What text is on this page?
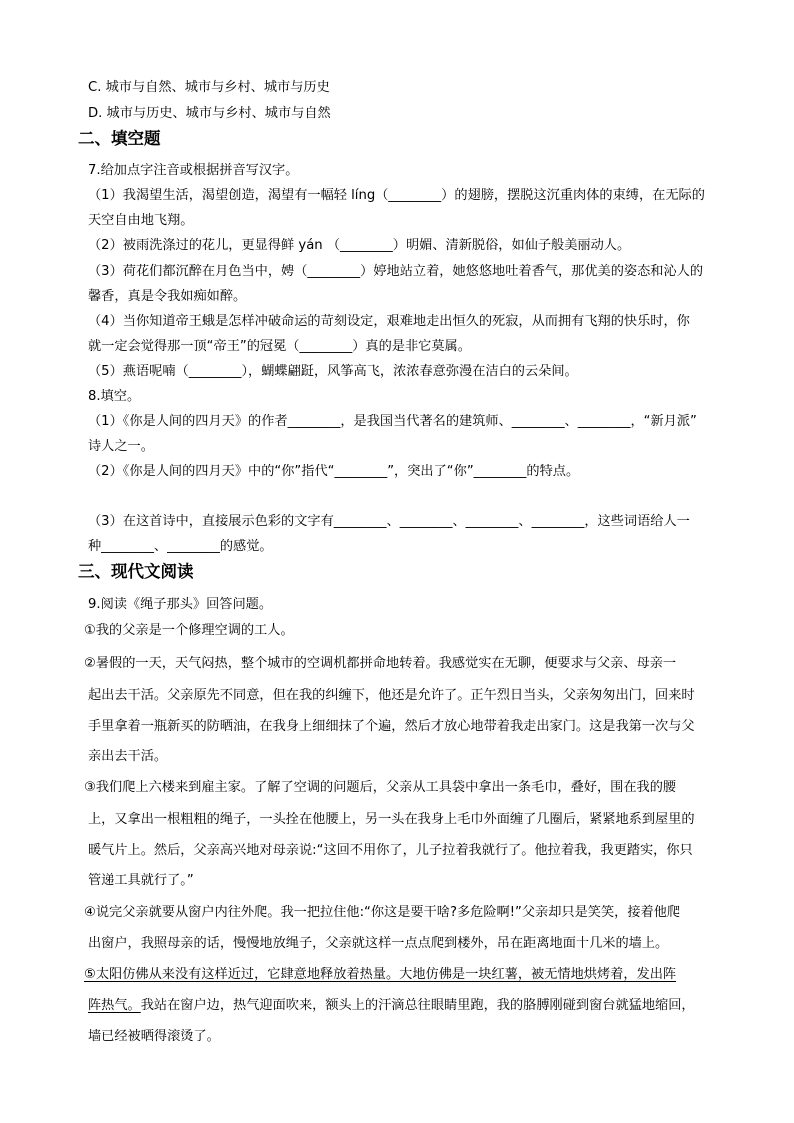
C. 城市与自然、城市与乡村、城市与历史
D. 城市与历史、城市与乡村、城市与自然
二、填空题
7.给加点字注音或根据拼音写汉字。
（1）我渴望生活，渴望创造，渴望有一幅轻 líng（________）的翅膀，摆脱这沉重肉体的束缚，在无际的
天空自由地飞翔。
（2）被雨洗涤过的花儿，更显得鲜 yán （________）明媚、清新脱俗，如仙子般美丽动人。
（3）荷花们都沉醉在月色当中，娉（________）婷地站立着，她悠悠地吐着香气，那优美的姿态和沁人的
馨香，真是令我如痴如醉。
（4）当你知道帝王蛾是怎样冲破命运的苛刻设定，艰难地走出恒久的死寂，从而拥有飞翔的快乐时，你
就一定会觉得那一顶“帝王”的冠冕（________）真的是非它莫属。
（5）燕语呢喃（________），蝴蝶翩跹，风筝高飞，浓浓春意弥漫在洁白的云朵间。
8.填空。
（1）《你是人间的四月天》的作者________，是我国当代著名的建筑师、________、________，“新月派”
诗人之一。
（2）《你是人间的四月天》中的“你”指代“________”，突出了“你”________的特点。
（3）在这首诗中，直接展示色彩的文字有________、________、________、________，这些词语给人一
种________、________的感觉。
三、现代文阅读
9.阅读《绳子那头》回答问题。
①我的父亲是一个修理空调的工人。
②暑假的一天，天气闷热，整个城市的空调机都拼命地转着。我感觉实在无聊，便要求与父亲、母亲一
起出去干活。父亲原先不同意，但在我的纠缠下，他还是允许了。正午烈日当头，父亲匆匆出门，回来时
手里拿着一瓶新买的防晒油，在我身上细细抹了个遍，然后才放心地带着我走出家门。这是我第一次与父
亲出去干活。
③我们爬上六楼来到雇主家。了解了空调的问题后，父亲从工具袋中拿出一条毛巾，叠好，围在我的腰
上，又拿出一根粗粗的绳子，一头拴在他腰上，另一头在我身上毛巾外面缠了几圈后，紧紧地系到屋里的
暖气片上。然后，父亲高兴地对母亲说:“这回不用你了，儿子拉着我就行了。他拉着我，我更踏实，你只
管递工具就行了。”
④说完父亲就要从窗户内往外爬。我一把拉住他:“你这是要干啥?多危险啊!”父亲却只是笑笑，接着他爬
出窗户，我照母亲的话，慢慢地放绳子，父亲就这样一点点爬到楼外，吊在距离地面十几米的墙上。
⑤太阳仿佛从来没有这样近过，它肆意地释放着热量。大地仿佛是一块红薯，被无情地烘烤着，发出阵
阵热气。我站在窗户边，热气迎面吹来，额头上的汗滴总往眼睛里跑，我的胳膊刚碰到窗台就猛地缩回，
墙已经被晒得滚烫了。
